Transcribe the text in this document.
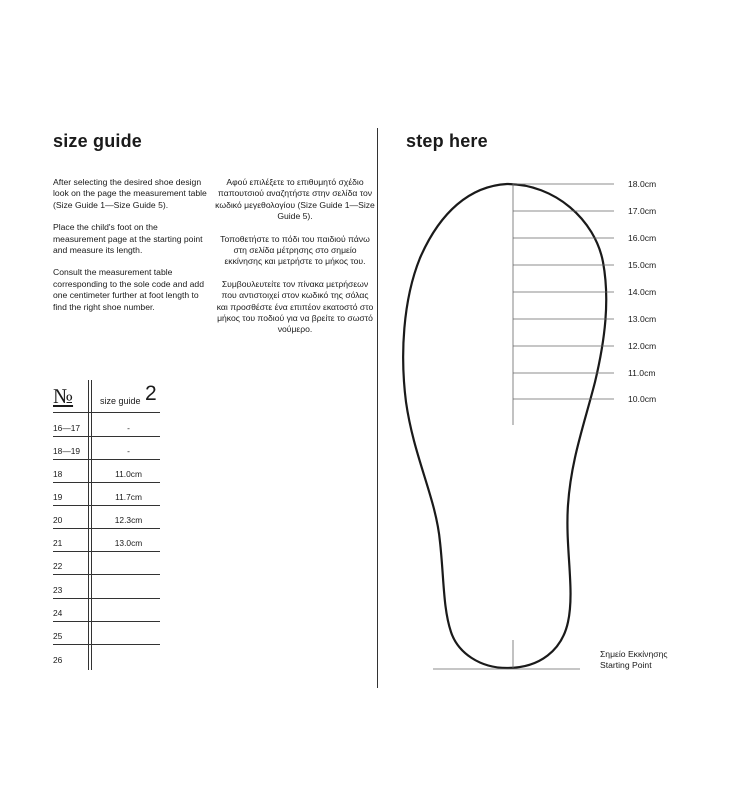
size guide

After selecting the desired shoe design look on the page the measurement table (Size Guide 1—Size Guide 5).

Place the child's foot on the measurement page at the starting point and measure its length.

Consult the measurement table corresponding to the sole code and add one centimeter further at foot length to find the right shoe number.

Αφού επιλέξετε το επιθυμητό σχέδιο παπουτσιού αναζητήστε στην σελίδα τον κωδικό μεγεθολογίου (Size Guide 1—Size Guide 5).

Τοποθετήστε το πόδι του παιδιού πάνω στη σελίδα μέτρησης στο σημείο εκκίνησης και μετρήστε το μήκος του.

Συμβουλευτείτε τον πίνακα μετρήσεων που αντιστοιχεί στον κωδικό της σόλας και προσθέστε ένα επιπέον εκατοστό στο μήκος του ποδιού για να βρείτε το σωστό νούμερο.

№	size guide 2
16—17	-
18—19	-
18	11.0cm
19	11.7cm
20	12.3cm
21	13.0cm
22
23
24
25
26
step here
18.0cm
17.0cm
16.0cm
15.0cm
14.0cm
13.0cm
12.0cm
11.0cm
10.0cm
Σημείο Εκκίνησης
Starting Point
